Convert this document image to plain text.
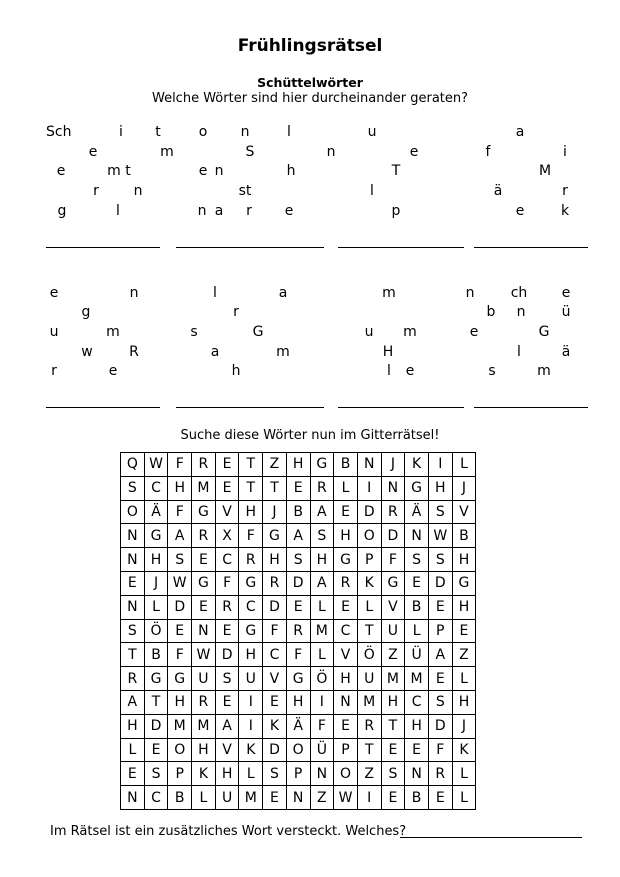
Frühlingsrätsel
Schüttelwörter
Welche Wörter sind hier durcheinander geraten?
Sch	i t	o n	l	u	a
e	m	S	n	e	f	i
e	m t	e n	h	T	M
r n	st	l	ä	r
g	l	n a r e	p	e	k
e	n	l	a	m	n	ch e
g	r	b n	ü
u	m	s	G	u m	e	G
w	R	a	m	H	l	ä
r	e	h	l e	s	m
Suche diese Wörter nun im Gitterrätsel!
Q	W	F	R	E	T	Z	H	G	B	N	J	K	I	L
S	C	H	M	E	T	T	E	R	L	I	N	G	H	J
O	Ä	F	G	V	H	J	B	A	E	D	R	Ä	S	V
N	G	A	R	X	F	G	A	S	H	O	D	N	W	B
N	H	S	E	C	R	H	S	H	G	P	F	S	S	H
E	J	W	G	F	G	R	D	A	R	K	G	E	D	G
N	L	D	E	R	C	D	E	L	E	L	V	B	E	H
S	Ö	E	N	E	G	F	R	M	C	T	U	L	P	E
T	B	F	W	D	H	C	F	L	V	Ö	Z	Ü	A	Z
R	G	G	U	S	U	V	G	Ö	H	U	M	M	E	L
A	T	H	R	E	I	E	H	I	N	M	H	C	S	H
H	D	M	M	A	I	K	Ä	F	E	R	T	H	D	J
L	E	O	H	V	K	D	O	Ü	P	T	E	E	F	K
E	S	P	K	H	L	S	P	N	O	Z	S	N	R	L
N	C	B	L	U	M	E	N	Z	W	I	E	B	E	L
Im Rätsel ist ein zusätzliches Wort versteckt. Welches?
